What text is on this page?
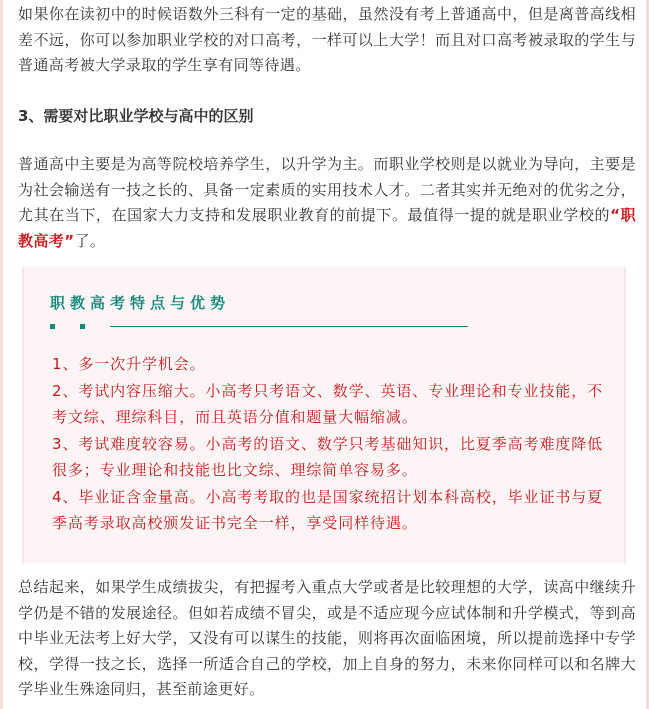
如果你在读初中的时候语数外三科有一定的基础，虽然没有考上普通高中，但是离普高线相差不远，你可以参加职业学校的对口高考，一样可以上大学！而且对口高考被录取的学生与普通高考被大学录取的学生享有同等待遇。

3、需要对比职业学校与高中的区别

普通高中主要是为高等院校培养学生，以升学为主。而职业学校则是以就业为导向，主要是为社会输送有一技之长的、具备一定素质的实用技术人才。二者其实并无绝对的优劣之分，尤其在当下，在国家大力支持和发展职业教育的前提下。最值得一提的就是职业学校的“职教高考”了。

职教高考特点与优势

1、多一次升学机会。
2、考试内容压缩大。小高考只考语文、数学、英语、专业理论和专业技能，不考文综、理综科目，而且英语分值和题量大幅缩减。
3、考试难度较容易。小高考的语文、数学只考基础知识，比夏季高考难度降低很多；专业理论和技能也比文综、理综简单容易多。
4、毕业证含金量高。小高考考取的也是国家统招计划本科高校，毕业证书与夏季高考录取高校颁发证书完全一样，享受同样待遇。

总结起来，如果学生成绩拔尖，有把握考入重点大学或者是比较理想的大学，读高中继续升学仍是不错的发展途径。但如若成绩不冒尖，或是不适应现今应试体制和升学模式，等到高中毕业无法考上好大学，又没有可以谋生的技能，则将再次面临困境，所以提前选择中专学校，学得一技之长，选择一所适合自己的学校，加上自身的努力，未来你同样可以和名牌大学毕业生殊途同归，甚至前途更好。
